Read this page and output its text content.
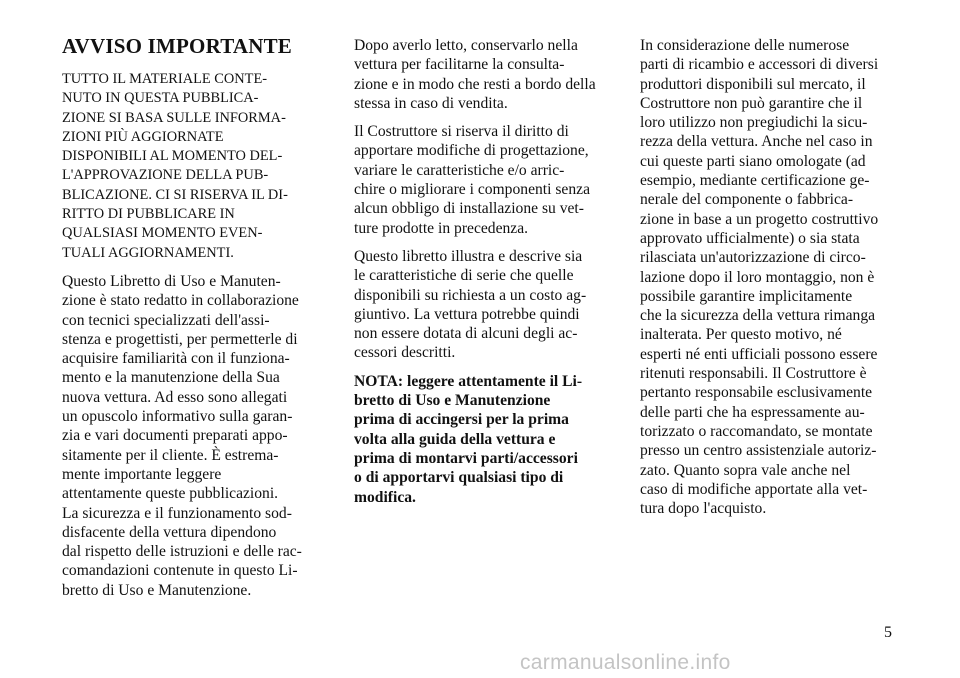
AVVISO IMPORTANTE

TUTTO IL MATERIALE CONTE-
NUTO IN QUESTA PUBBLICA-
ZIONE SI BASA SULLE INFORMA-
ZIONI PIÙ AGGIORNATE
DISPONIBILI AL MOMENTO DEL-
L'APPROVAZIONE DELLA PUB-
BLICAZIONE. CI SI RISERVA IL DI-
RITTO DI PUBBLICARE IN
QUALSIASI MOMENTO EVEN-
TUALI AGGIORNAMENTI.

Questo Libretto di Uso e Manuten-
zione è stato redatto in collaborazione
con tecnici specializzati dell'assi-
stenza e progettisti, per permetterle di
acquisire familiarità con il funziona-
mento e la manutenzione della Sua
nuova vettura. Ad esso sono allegati
un opuscolo informativo sulla garan-
zia e vari documenti preparati appo-
sitamente per il cliente. È estrema-
mente importante leggere
attentamente queste pubblicazioni.
La sicurezza e il funzionamento sod-
disfacente della vettura dipendono
dal rispetto delle istruzioni e delle rac-
comandazioni contenute in questo Li-
bretto di Uso e Manutenzione.

Dopo averlo letto, conservarlo nella
vettura per facilitarne la consulta-
zione e in modo che resti a bordo della
stessa in caso di vendita.

Il Costruttore si riserva il diritto di
apportare modifiche di progettazione,
variare le caratteristiche e/o arric-
chire o migliorare i componenti senza
alcun obbligo di installazione su vet-
ture prodotte in precedenza.

Questo libretto illustra e descrive sia
le caratteristiche di serie che quelle
disponibili su richiesta a un costo ag-
giuntivo. La vettura potrebbe quindi
non essere dotata di alcuni degli ac-
cessori descritti.

NOTA: leggere attentamente il Li-
bretto di Uso e Manutenzione
prima di accingersi per la prima
volta alla guida della vettura e
prima di montarvi parti/accessori
o di apportarvi qualsiasi tipo di
modifica.

In considerazione delle numerose
parti di ricambio e accessori di diversi
produttori disponibili sul mercato, il
Costruttore non può garantire che il
loro utilizzo non pregiudichi la sicu-
rezza della vettura. Anche nel caso in
cui queste parti siano omologate (ad
esempio, mediante certificazione ge-
nerale del componente o fabbrica-
zione in base a un progetto costruttivo
approvato ufficialmente) o sia stata
rilasciata un'autorizzazione di circo-
lazione dopo il loro montaggio, non è
possibile garantire implicitamente
che la sicurezza della vettura rimanga
inalterata. Per questo motivo, né
esperti né enti ufficiali possono essere
ritenuti responsabili. Il Costruttore è
pertanto responsabile esclusivamente
delle parti che ha espressamente au-
torizzato o raccomandato, se montate
presso un centro assistenziale autoriz-
zato. Quanto sopra vale anche nel
caso di modifiche apportate alla vet-
tura dopo l'acquisto.

5
carmanualsonline.info
